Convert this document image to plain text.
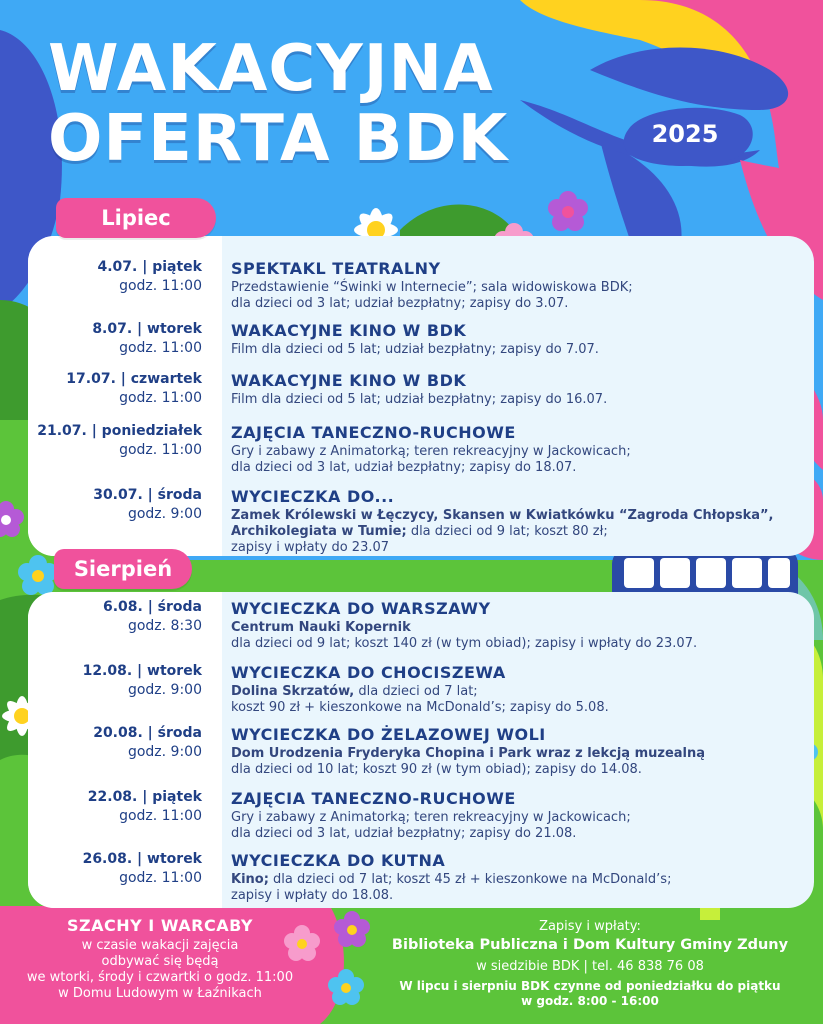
WAKACYJNA
OFERTA BDK	2025
Lipiec
4.07. | piątek
godz. 11:00
SPEKTAKL TEATRALNY

Przedstawienie “Świnki w Internecie”; sala widowiskowa BDK;

dla dzieci od 3 lat; udział bezpłatny; zapisy do 3.07.

8.07. | wtorek
godz. 11:00
WAKACYJNE KINO W BDK

Film dla dzieci od 5 lat; udział bezpłatny; zapisy do 7.07.

17.07. | czwartek
godz. 11:00
WAKACYJNE KINO W BDK

Film dla dzieci od 5 lat; udział bezpłatny; zapisy do 16.07.

21.07. | poniedziałek
godz. 11:00
ZAJĘCIA TANECZNO-RUCHOWE

Gry i zabawy z Animatorką; teren rekreacyjny w Jackowicach;

dla dzieci od 3 lat, udział bezpłatny; zapisy do 18.07.

30.07. | środa
godz. 9:00
WYCIECZKA DO...

Zamek Królewski w Łęczycy, Skansen w Kwiatkówku “Zagroda Chłopska”,

Archikolegiata w Tumie; dla dzieci od 9 lat; koszt 80 zł;

zapisy i wpłaty do 23.07

Sierpień
6.08. | środa
godz. 8:30
WYCIECZKA DO WARSZAWY

Centrum Nauki Kopernik

dla dzieci od 9 lat; koszt 140 zł (w tym obiad); zapisy i wpłaty do 23.07.

12.08. | wtorek
godz. 9:00
WYCIECZKA DO CHOCISZEWA

Dolina Skrzatów, dla dzieci od 7 lat;

koszt 90 zł + kieszonkowe na McDonald’s; zapisy do 5.08.

20.08. | środa
godz. 9:00
WYCIECZKA DO ŻELAZOWEJ WOLI

Dom Urodzenia Fryderyka Chopina i Park wraz z lekcją muzealną

dla dzieci od 10 lat; koszt 90 zł (w tym obiad); zapisy do 14.08.

22.08. | piątek
godz. 11:00
ZAJĘCIA TANECZNO-RUCHOWE

Gry i zabawy z Animatorką; teren rekreacyjny w Jackowicach;

dla dzieci od 3 lat, udział bezpłatny; zapisy do 21.08.

26.08. | wtorek
godz. 11:00
WYCIECZKA DO KUTNA

Kino; dla dzieci od 7 lat; koszt 45 zł + kieszonkowe na McDonald’s;

zapisy i wpłaty do 18.08.

SZACHY I WARCABY
w czasie wakacji zajęcia
odbywać się będą
we wtorki, środy i czwartki o godz. 11:00
w Domu Ludowym w Łaźnikach
Zapisy i wpłaty:
Biblioteka Publiczna i Dom Kultury Gminy Zduny
w siedzibie BDK | tel. 46 838 76 08
W lipcu i sierpniu BDK czynne od poniedziałku do piątku
w godz. 8:00 - 16:00
